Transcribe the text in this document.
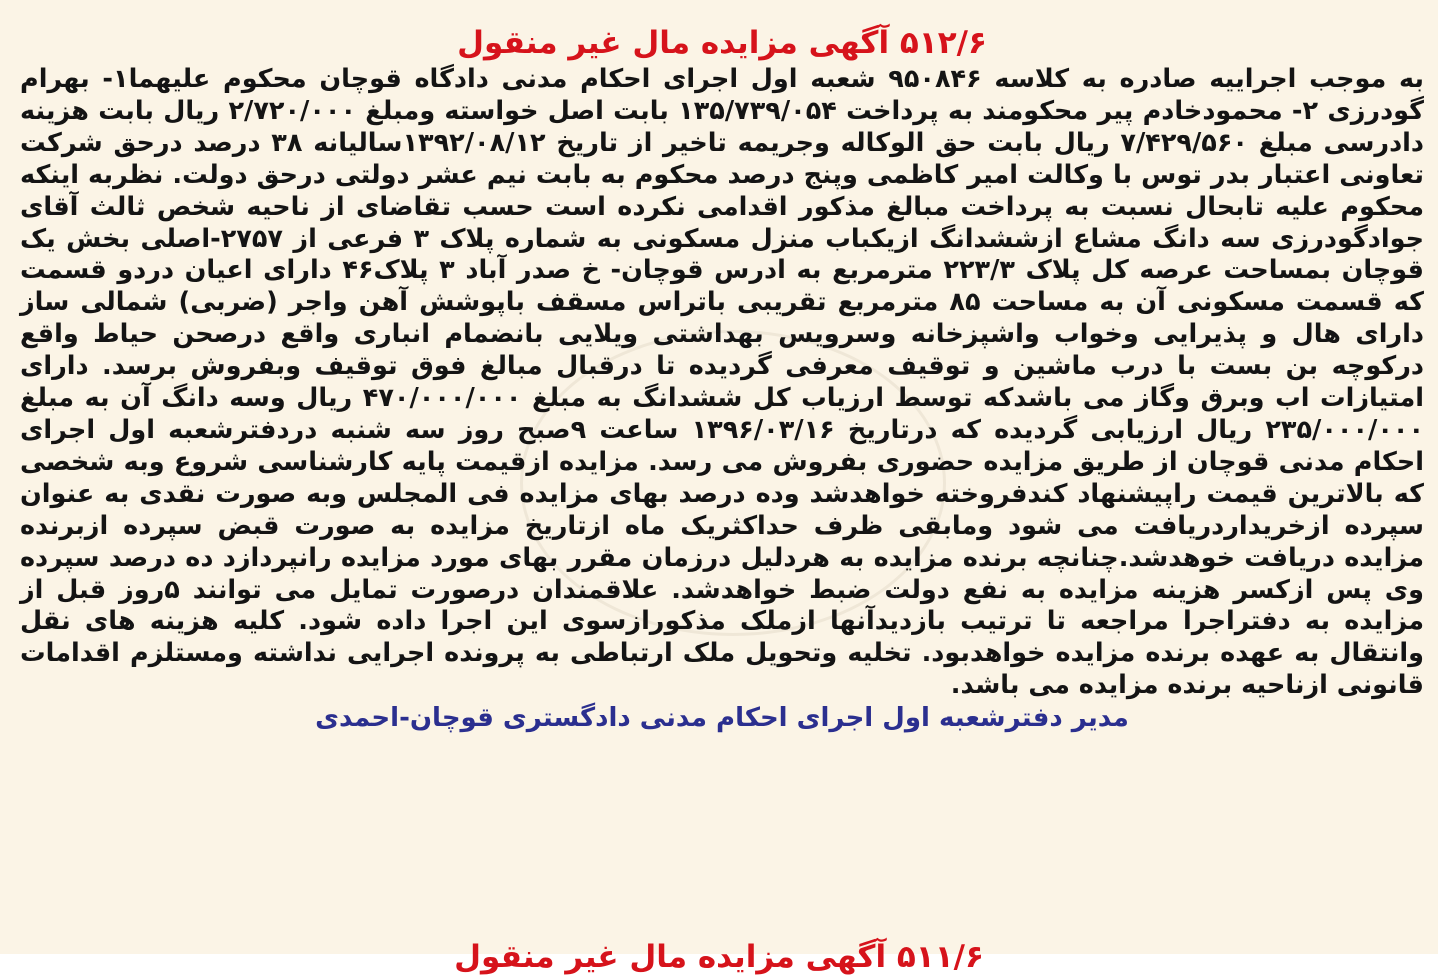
۵۱۲/۶ آگهی مزایده مال غیر منقول

به موجب اجراییه صادره به کلاسه ۹۵۰۸۴۶ شعبه اول اجرای احکام مدنی دادگاه قوچان محکوم علیهما۱- بهرام گودرزی ۲- محمودخادم پیر محکومند به پرداخت ۱۳۵/۷۳۹/۰۵۴ بابت اصل خواسته ومبلغ ۲/۷۲۰/۰۰۰ ریال بابت هزینه دادرسی مبلغ ۷/۴۲۹/۵۶۰ ریال بابت حق الوکاله وجریمه تاخیر از تاریخ ۱۳۹۲/۰۸/۱۲سالیانه ۳۸ درصد درحق شرکت تعاونی اعتبار بدر توس با وکالت امیر کاظمی وپنج درصد محکوم به بابت نیم عشر دولتی درحق دولت. نظربه اینکه محکوم علیه تابحال نسبت به پرداخت مبالغ مذکور اقدامی نکرده است حسب تقاضای از ناحیه شخص ثالث آقای جوادگودرزی سه دانگ مشاع ازششدانگ ازیکباب منزل مسکونی به شماره پلاک ۳ فرعی از ۲۷۵۷-اصلی بخش یک قوچان بمساحت عرصه کل پلاک ۲۲۳/۳ مترمربع به ادرس قوچان- خ صدر آباد ۳ پلاک۴۶ دارای اعیان دردو قسمت که قسمت مسکونی آن به مساحت ۸۵ مترمربع تقریبی باتراس مسقف باپوشش آهن واجر (ضربی) شمالی ساز دارای هال و پذیرایی وخواب واشپزخانه وسرویس بهداشتی ویلایی بانضمام انباری واقع درصحن حیاط واقع درکوچه بن بست با درب ماشین و توقیف معرفی گردیده تا درقبال مبالغ فوق توقیف وبفروش برسد. دارای امتیازات اب وبرق وگاز می باشدکه توسط ارزیاب کل ششدانگ به مبلغ ۴۷۰/۰۰۰/۰۰۰ ریال وسه دانگ آن به مبلغ ۲۳۵/۰۰۰/۰۰۰ ریال ارزیابی گردیده که درتاریخ ۱۳۹۶/۰۳/۱۶ ساعت ۹صبح روز سه شنبه دردفترشعبه اول اجرای احکام مدنی قوچان از طریق مزایده حضوری بفروش می رسد. مزایده ازقیمت پایه کارشناسی شروع وبه شخصی که بالاترین قیمت راپیشنهاد کندفروخته خواهدشد وده درصد بهای مزایده فی المجلس وبه صورت نقدی به عنوان سپرده ازخریداردریافت می شود ومابقی ظرف حداکثریک ماه ازتاریخ مزایده به صورت قبض سپرده ازبرنده مزایده دریافت خوهدشد.چنانچه برنده مزایده به هردلیل درزمان مقرر بهای مورد مزایده رانپردازد ده درصد سپرده وی پس ازکسر هزینه مزایده به نفع دولت ضبط خواهدشد. علاقمندان درصورت تمایل می توانند ۵روز قبل از مزایده به دفتراجرا مراجعه تا ترتیب بازدیدآنها ازملک مذکورازسوی این اجرا داده شود. کلیه هزینه های نقل وانتقال به عهده برنده مزایده خواهدبود. تخلیه وتحویل ملک ارتباطی به پرونده اجرایی نداشته ومستلزم اقدامات قانونی ازناحیه برنده مزایده می باشد.

مدیر دفترشعبه اول اجرای احکام مدنی دادگستری قوچان-احمدی
۵۱۱/۶ آگهی مزایده مال غیر منقول
